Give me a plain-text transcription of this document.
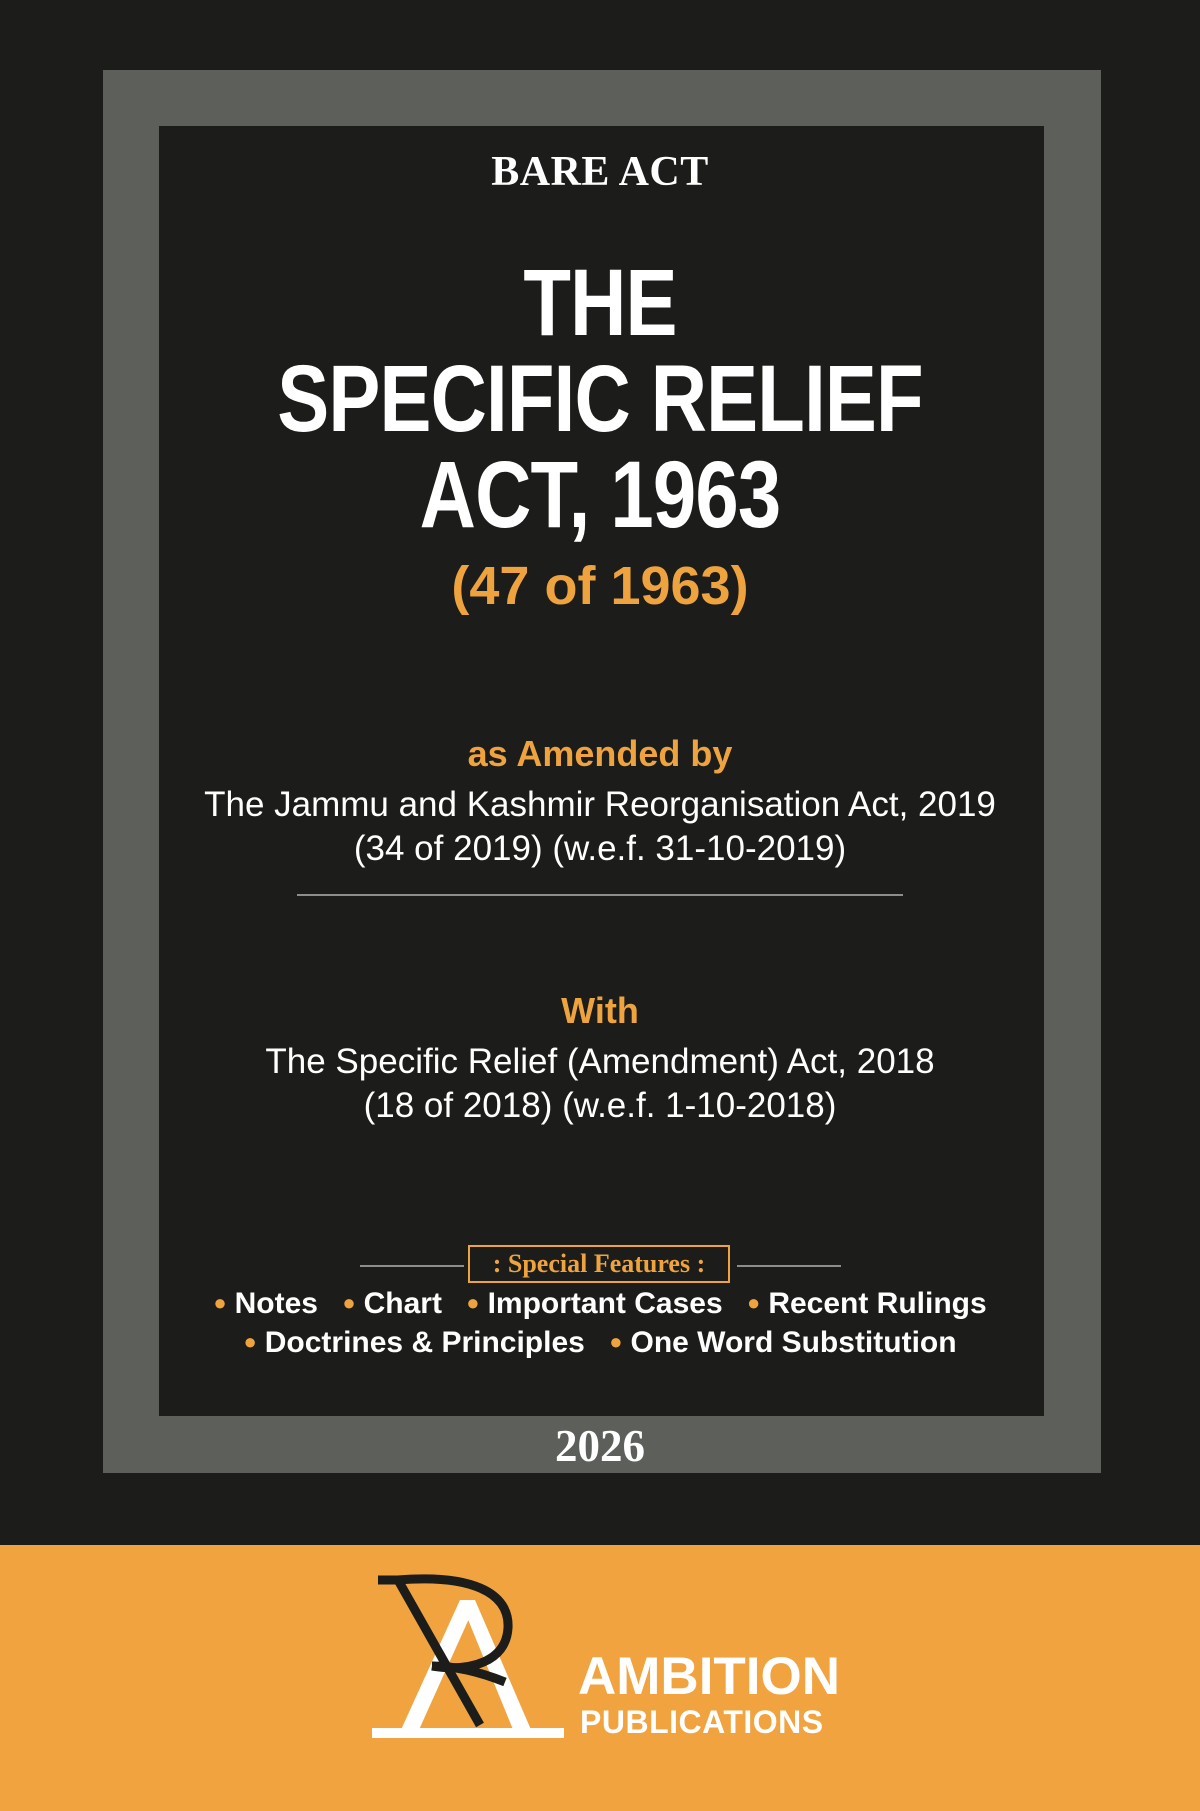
BARE ACT
THE
SPECIFIC RELIEF
ACT, 1963
(47 of 1963)
as Amended by
The Jammu and Kashmir Reorganisation Act, 2019
(34 of 2019) (w.e.f. 31-10-2019)
With
The Specific Relief (Amendment) Act, 2018
(18 of 2018) (w.e.f. 1-10-2018)
: Special Features :
● Notes ● Chart ● Important Cases ● Recent Rulings
● Doctrines & Principles ● One Word Substitution
2026
AMBITION
PUBLICATIONS
